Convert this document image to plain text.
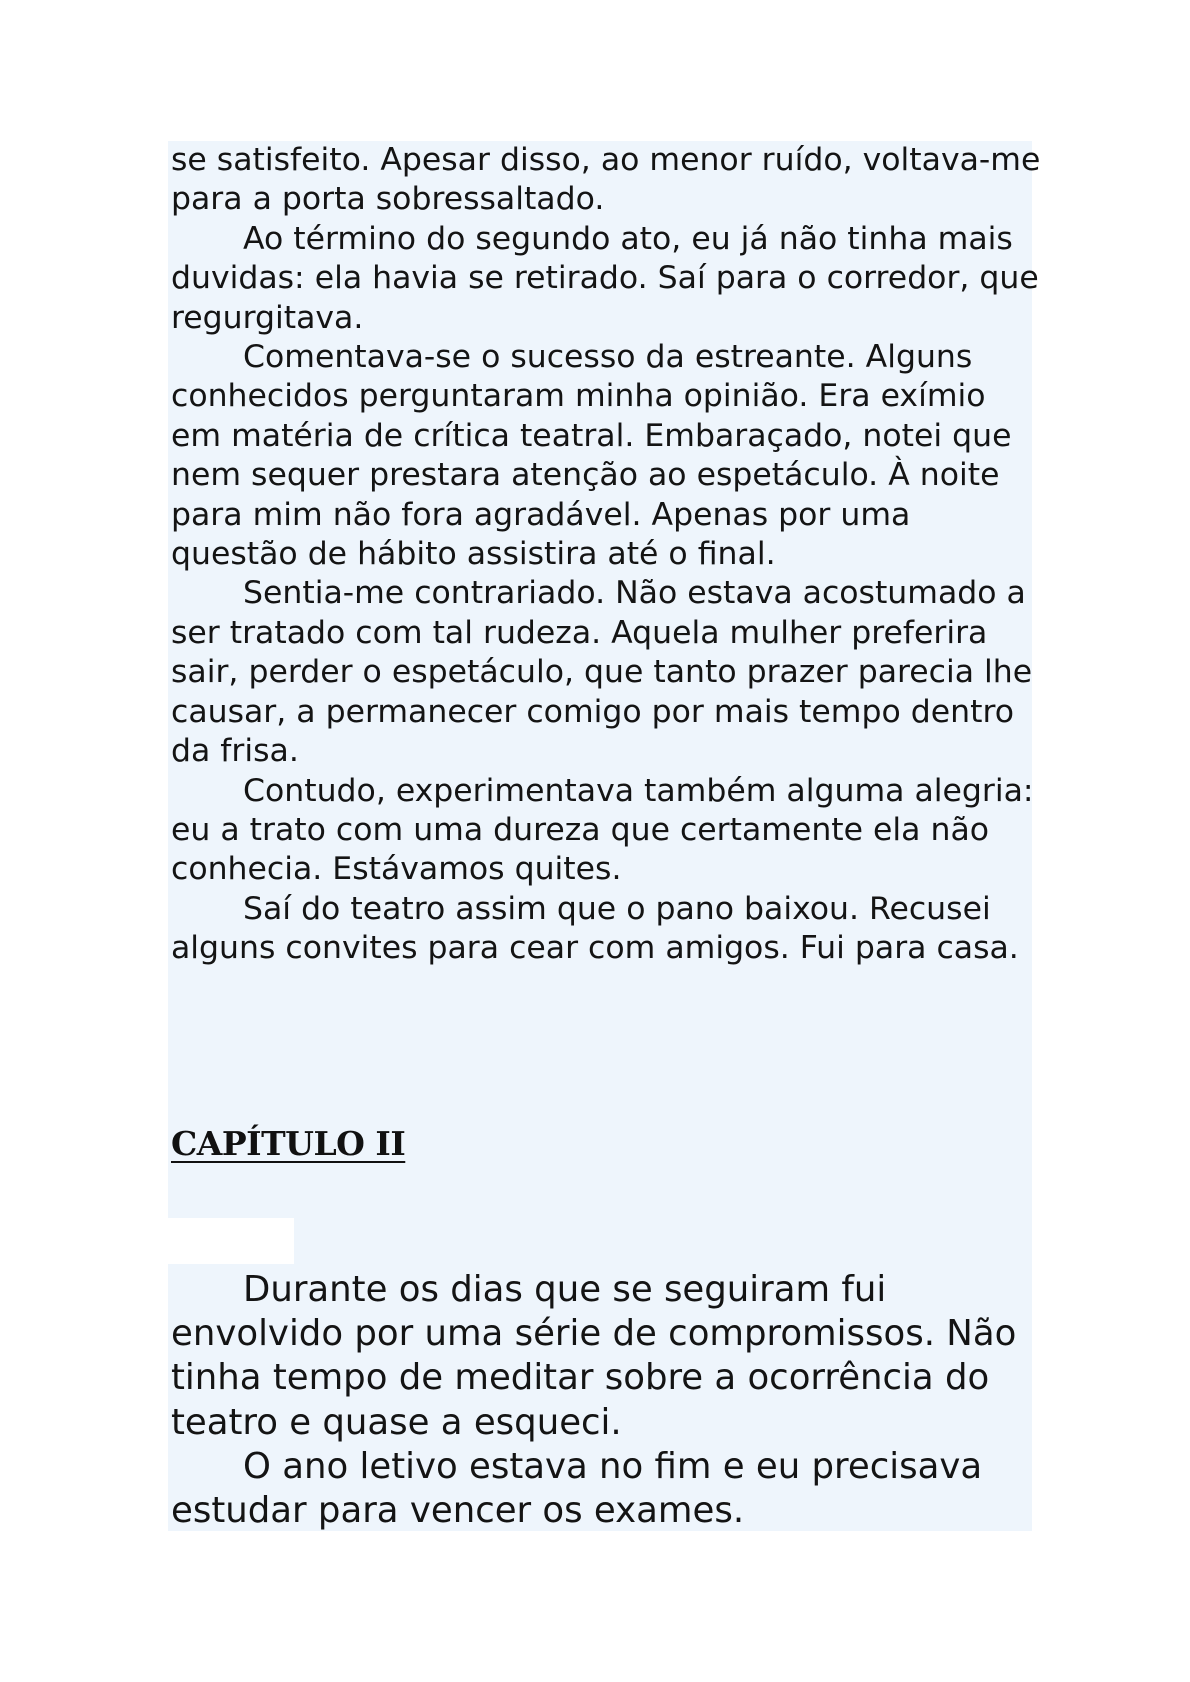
se satisfeito. Apesar disso, ao menor ruído, voltava-me para a porta sobressaltado.

Ao término do segundo ato, eu já não tinha mais duvidas: ela havia se retirado. Saí para o corredor, que regurgitava.

Comentava-se o sucesso da estreante. Alguns conhecidos perguntaram minha opinião. Era exímio em matéria de crítica teatral. Embaraçado, notei que nem sequer prestara atenção ao espetáculo. À noite para mim não fora agradável. Apenas por uma questão de hábito assistira até o final.

Sentia-me contrariado. Não estava acostumado a ser tratado com tal rudeza. Aquela mulher preferira sair, perder o espetáculo, que tanto prazer parecia lhe causar, a permanecer comigo por mais tempo dentro da frisa.

Contudo, experimentava também alguma alegria: eu a trato com uma dureza que certamente ela não conhecia. Estávamos quites.

Saí do teatro assim que o pano baixou. Recusei alguns convites para cear com amigos. Fui para casa.

CAPÍTULO II

Durante os dias que se seguiram fui envolvido por uma série de compromissos. Não tinha tempo de meditar sobre a ocorrência do teatro e quase a esqueci.

O ano letivo estava no fim e eu precisava estudar para vencer os exames.
